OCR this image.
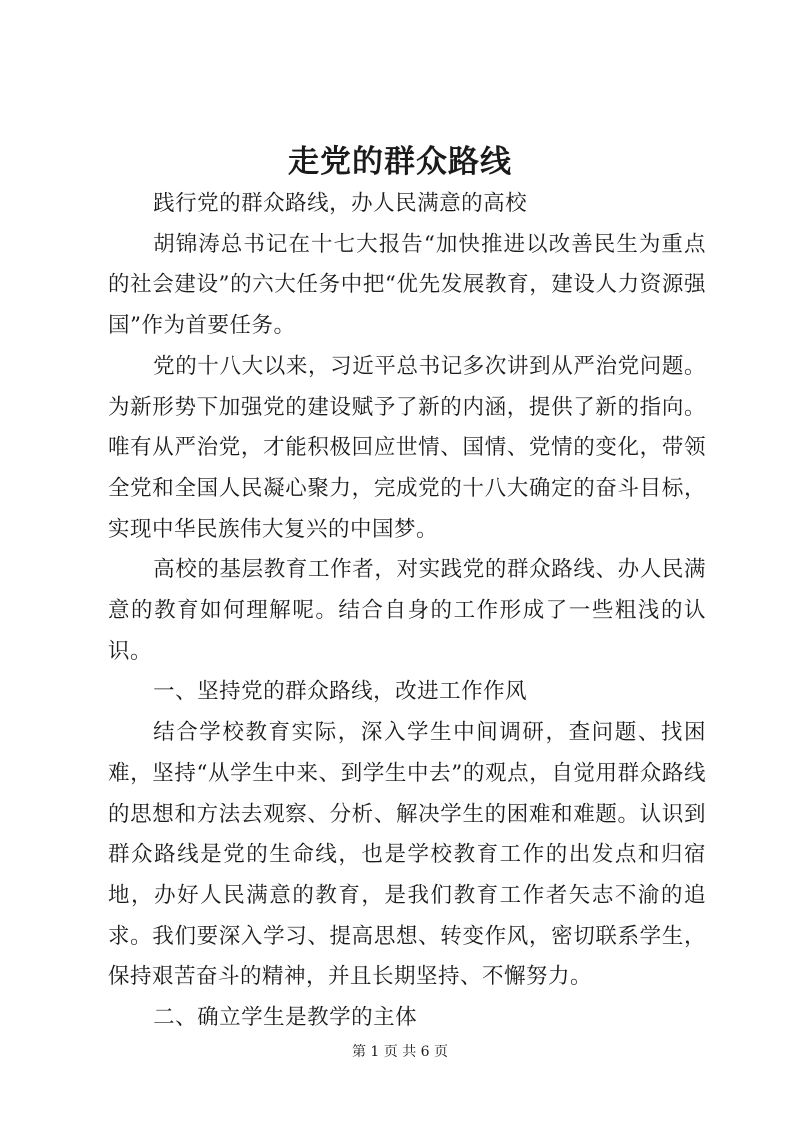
走党的群众路线

践行党的群众路线，办人民满意的高校

胡锦涛总书记在十七大报告“加快推进以改善民生为重点的社会建设”的六大任务中把“优先发展教育，建设人力资源强国”作为首要任务。

党的十八大以来，习近平总书记多次讲到从严治党问题。为新形势下加强党的建设赋予了新的内涵，提供了新的指向。唯有从严治党，才能积极回应世情、国情、党情的变化，带领全党和全国人民凝心聚力，完成党的十八大确定的奋斗目标，实现中华民族伟大复兴的中国梦。

高校的基层教育工作者，对实践党的群众路线、办人民满意的教育如何理解呢。结合自身的工作形成了一些粗浅的认识。

一、坚持党的群众路线，改进工作作风

结合学校教育实际，深入学生中间调研，查问题、找困难，坚持“从学生中来、到学生中去”的观点，自觉用群众路线的思想和方法去观察、分析、解决学生的困难和难题。认识到群众路线是党的生命线，也是学校教育工作的出发点和归宿地，办好人民满意的教育，是我们教育工作者矢志不渝的追求。我们要深入学习、提高思想、转变作风，密切联系学生，保持艰苦奋斗的精神，并且长期坚持、不懈努力。

二、确立学生是教学的主体

第 1 页 共 6 页
